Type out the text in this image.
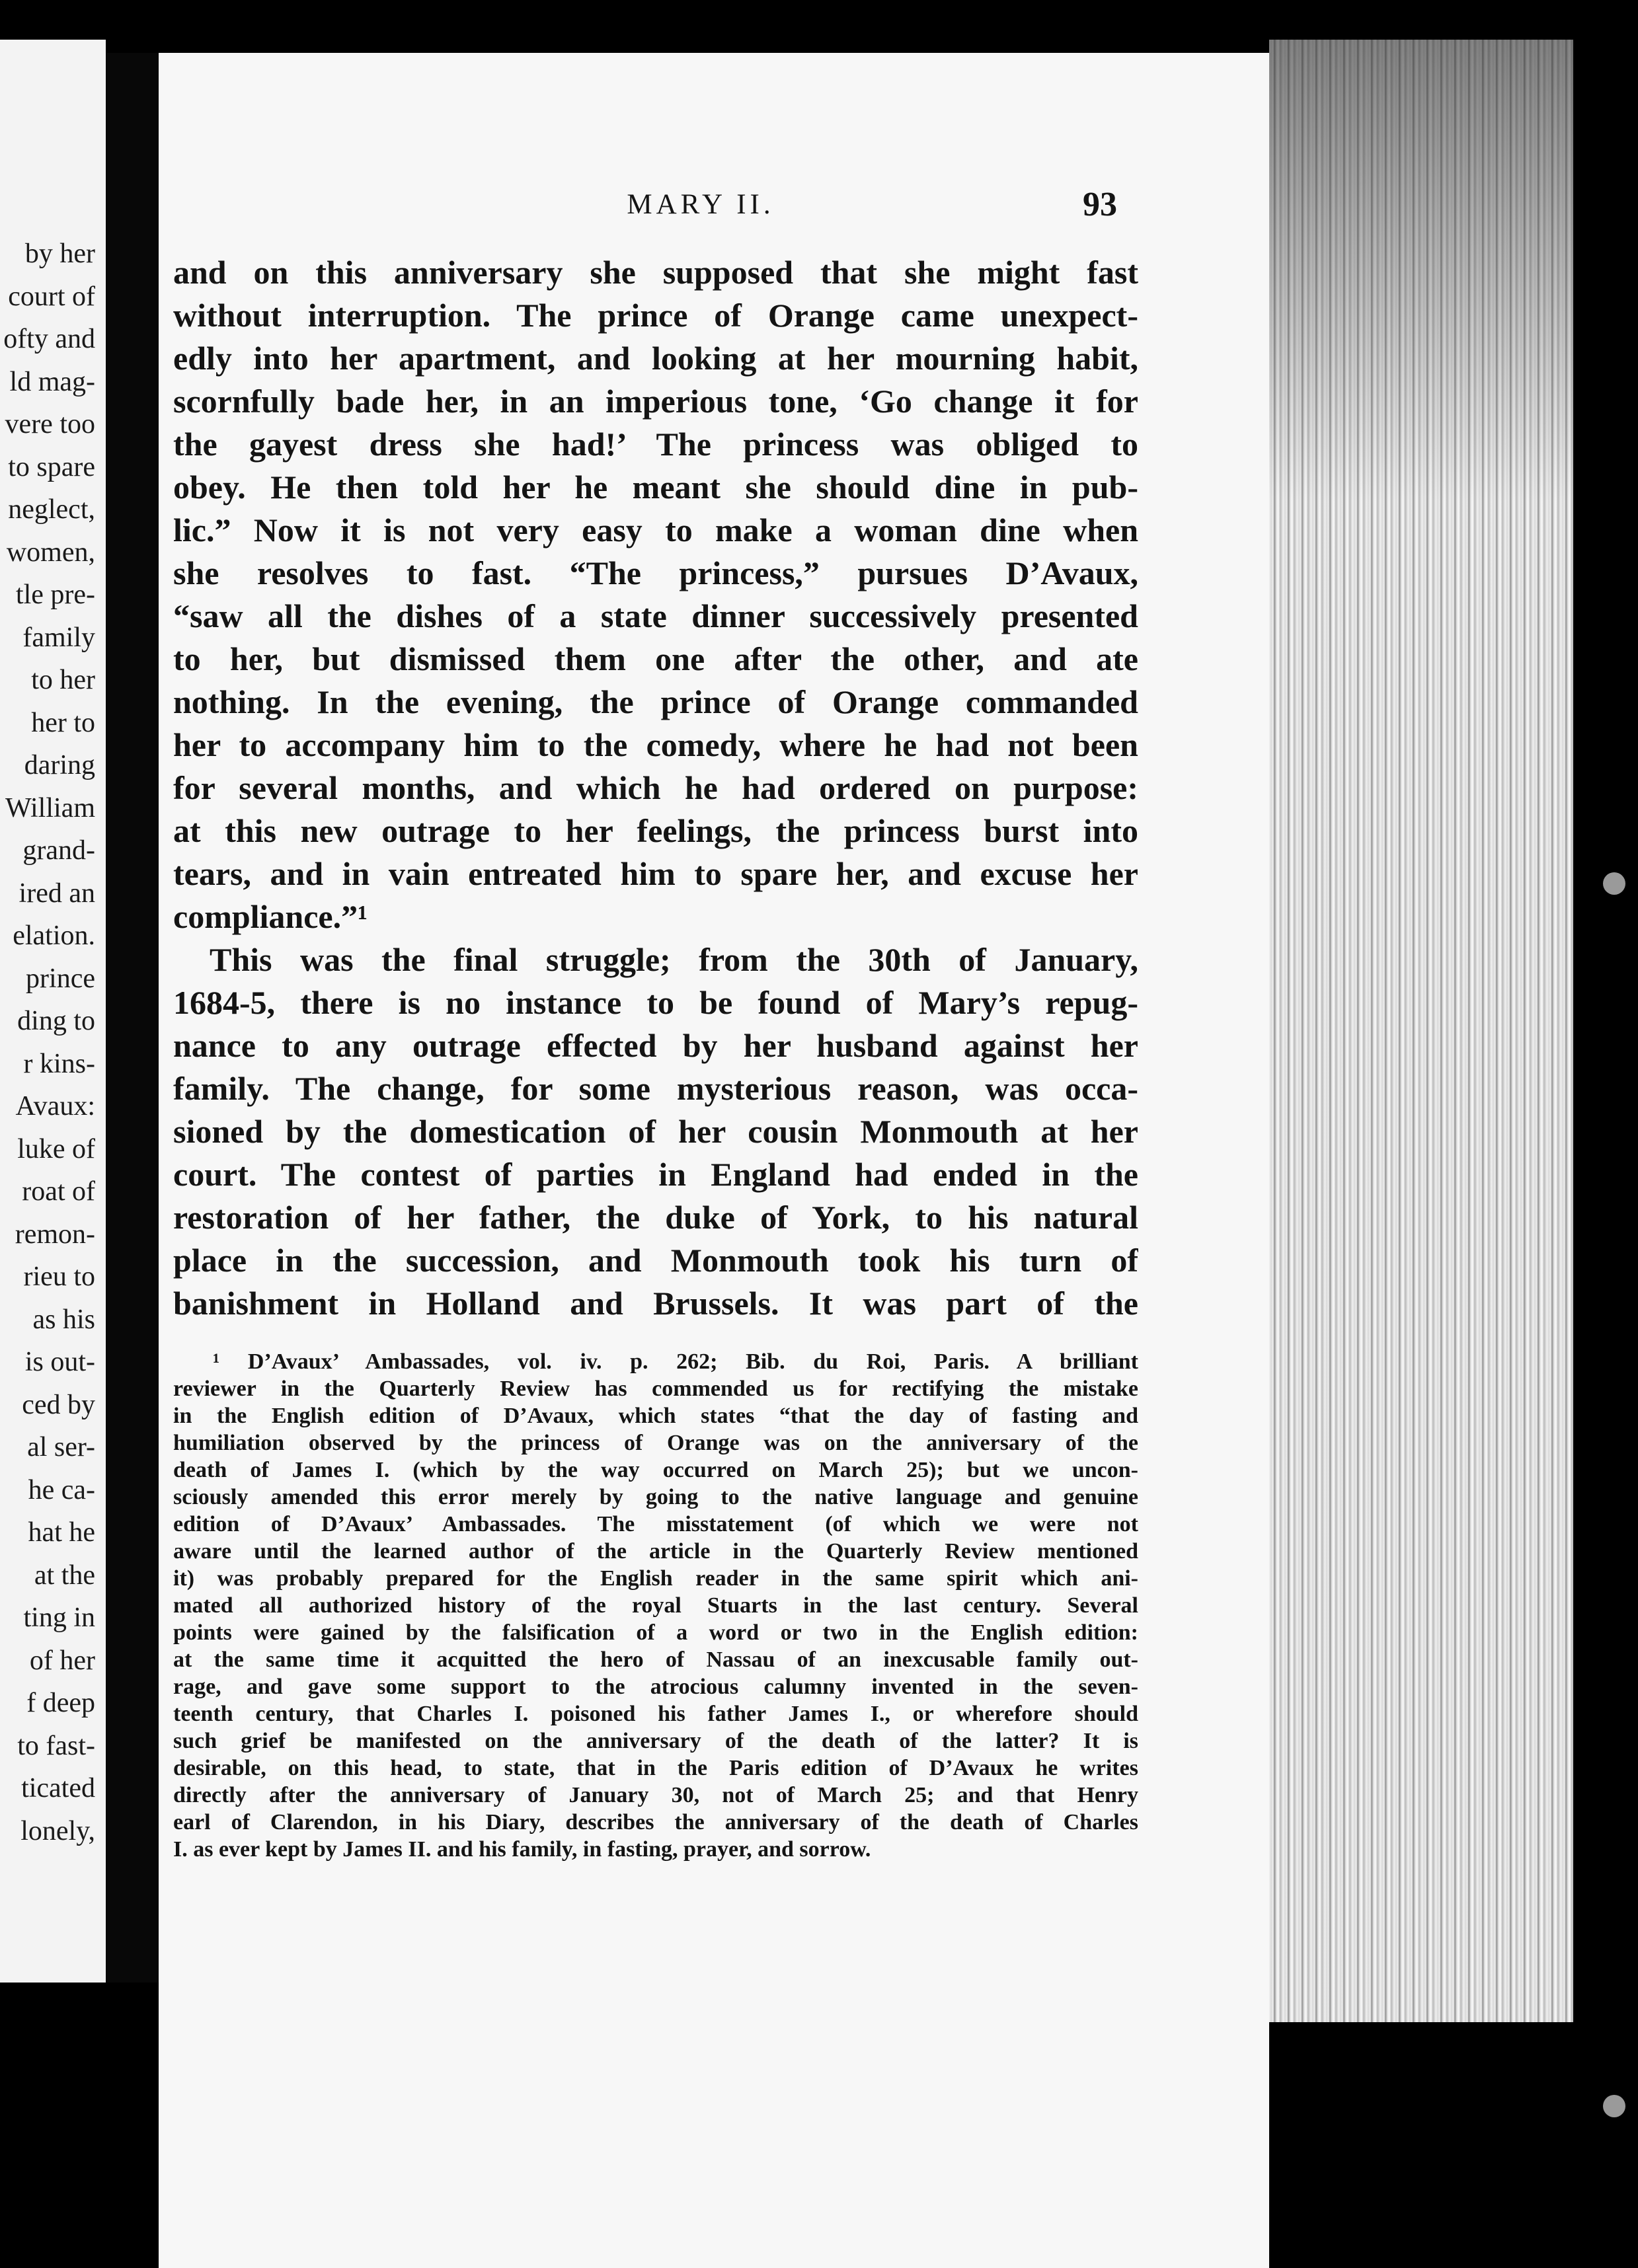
by her
court of
ofty and
ld mag-
vere too
to spare
neglect,
women,
tle pre-
family
to her
her to
daring
William
grand-
ired an
elation.
prince
ding to
r kins-
Avaux:
luke of
roat of
remon-
rieu to
as his
is out-
ced by
al ser-
he ca-
hat he
at the
ting in
of her
f deep
to fast-
ticated
lonely,
MARY II.	93
and on this anniversary she supposed that she might fast
without interruption. The prince of Orange came unexpect-
edly into her apartment, and looking at her mourning habit,
scornfully bade her, in an imperious tone, ‘Go change it for
the gayest dress she had!’ The princess was obliged to
obey. He then told her he meant she should dine in pub-
lic.” Now it is not very easy to make a woman dine when
she resolves to fast. “The princess,” pursues D’Avaux,
“saw all the dishes of a state dinner successively presented
to her, but dismissed them one after the other, and ate
nothing. In the evening, the prince of Orange commanded
her to accompany him to the comedy, where he had not been
for several months, and which he had ordered on purpose:
at this new outrage to her feelings, the princess burst into
tears, and in vain entreated him to spare her, and excuse her
compliance.”¹
This was the final struggle; from the 30th of January,
1684-5, there is no instance to be found of Mary’s repug-
nance to any outrage effected by her husband against her
family. The change, for some mysterious reason, was occa-
sioned by the domestication of her cousin Monmouth at her
court. The contest of parties in England had ended in the
restoration of her father, the duke of York, to his natural
place in the succession, and Monmouth took his turn of
banishment in Holland and Brussels. It was part of the
¹ D’Avaux’ Ambassades, vol. iv. p. 262; Bib. du Roi, Paris. A brilliant
reviewer in the Quarterly Review has commended us for rectifying the mistake
in the English edition of D’Avaux, which states “that the day of fasting and
humiliation observed by the princess of Orange was on the anniversary of the
death of James I. (which by the way occurred on March 25); but we uncon-
sciously amended this error merely by going to the native language and genuine
edition of D’Avaux’ Ambassades. The misstatement (of which we were not
aware until the learned author of the article in the Quarterly Review mentioned
it) was probably prepared for the English reader in the same spirit which ani-
mated all authorized history of the royal Stuarts in the last century. Several
points were gained by the falsification of a word or two in the English edition:
at the same time it acquitted the hero of Nassau of an inexcusable family out-
rage, and gave some support to the atrocious calumny invented in the seven-
teenth century, that Charles I. poisoned his father James I., or wherefore should
such grief be manifested on the anniversary of the death of the latter? It is
desirable, on this head, to state, that in the Paris edition of D’Avaux he writes
directly after the anniversary of January 30, not of March 25; and that Henry
earl of Clarendon, in his Diary, describes the anniversary of the death of Charles
I. as ever kept by James II. and his family, in fasting, prayer, and sorrow.
